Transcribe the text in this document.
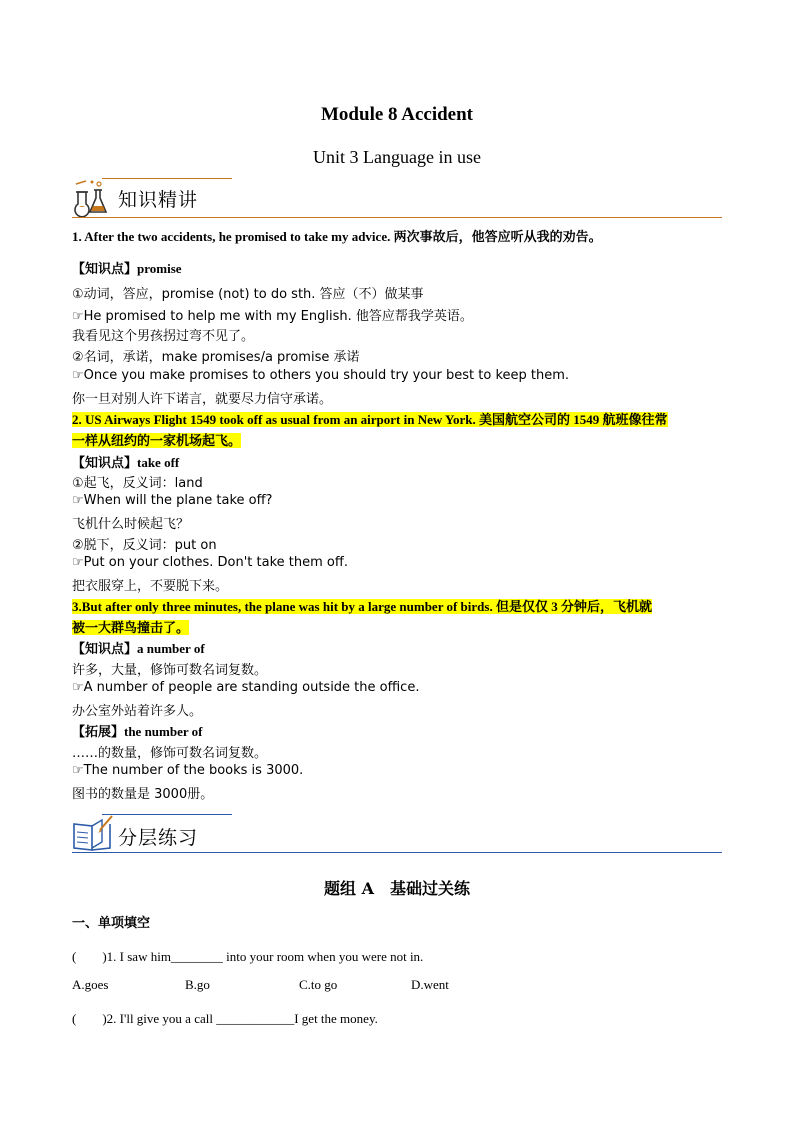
Module 8 Accident
Unit 3 Language in use
知识精讲
1. After the two accidents, he promised to take my advice. 两次事故后，他答应听从我的劝告。
【知识点】promise
①动词，答应，promise (not) to do sth. 答应（不）做某事
☞He promised to help me with my English. 他答应帮我学英语。
我看见这个男孩拐过弯不见了。
②名词，承诺，make promises/a promise 承诺
☞Once you make promises to others you should try your best to keep them.
你一旦对别人许下诺言，就要尽力信守承诺。
2. US Airways Flight 1549 took off as usual from an airport in New York. 美国航空公司的 1549 航班像往常
一样从纽约的一家机场起飞。
【知识点】take off
①起飞，反义词：land
☞When will the plane take off?
飞机什么时候起飞？
②脱下，反义词：put on
☞Put on your clothes. Don't take them off.
把衣服穿上，不要脱下来。
3.But after only three minutes, the plane was hit by a large number of birds. 但是仅仅 3 分钟后，飞机就
被一大群鸟撞击了。
【知识点】a number of
许多，大量，修饰可数名词复数。
☞A number of people are standing outside the office.
办公室外站着许多人。
【拓展】the number of
……的数量，修饰可数名词复数。
☞The number of the books is 3000.
图书的数量是 3000册。
分层练习
题组 A　基础过关练
一、单项填空
(　　)1. I saw him________ into your room when you were not in.
A.goes	B.go	C.to go	D.went
(　　)2. I'll give you a call ____________I get the money.
